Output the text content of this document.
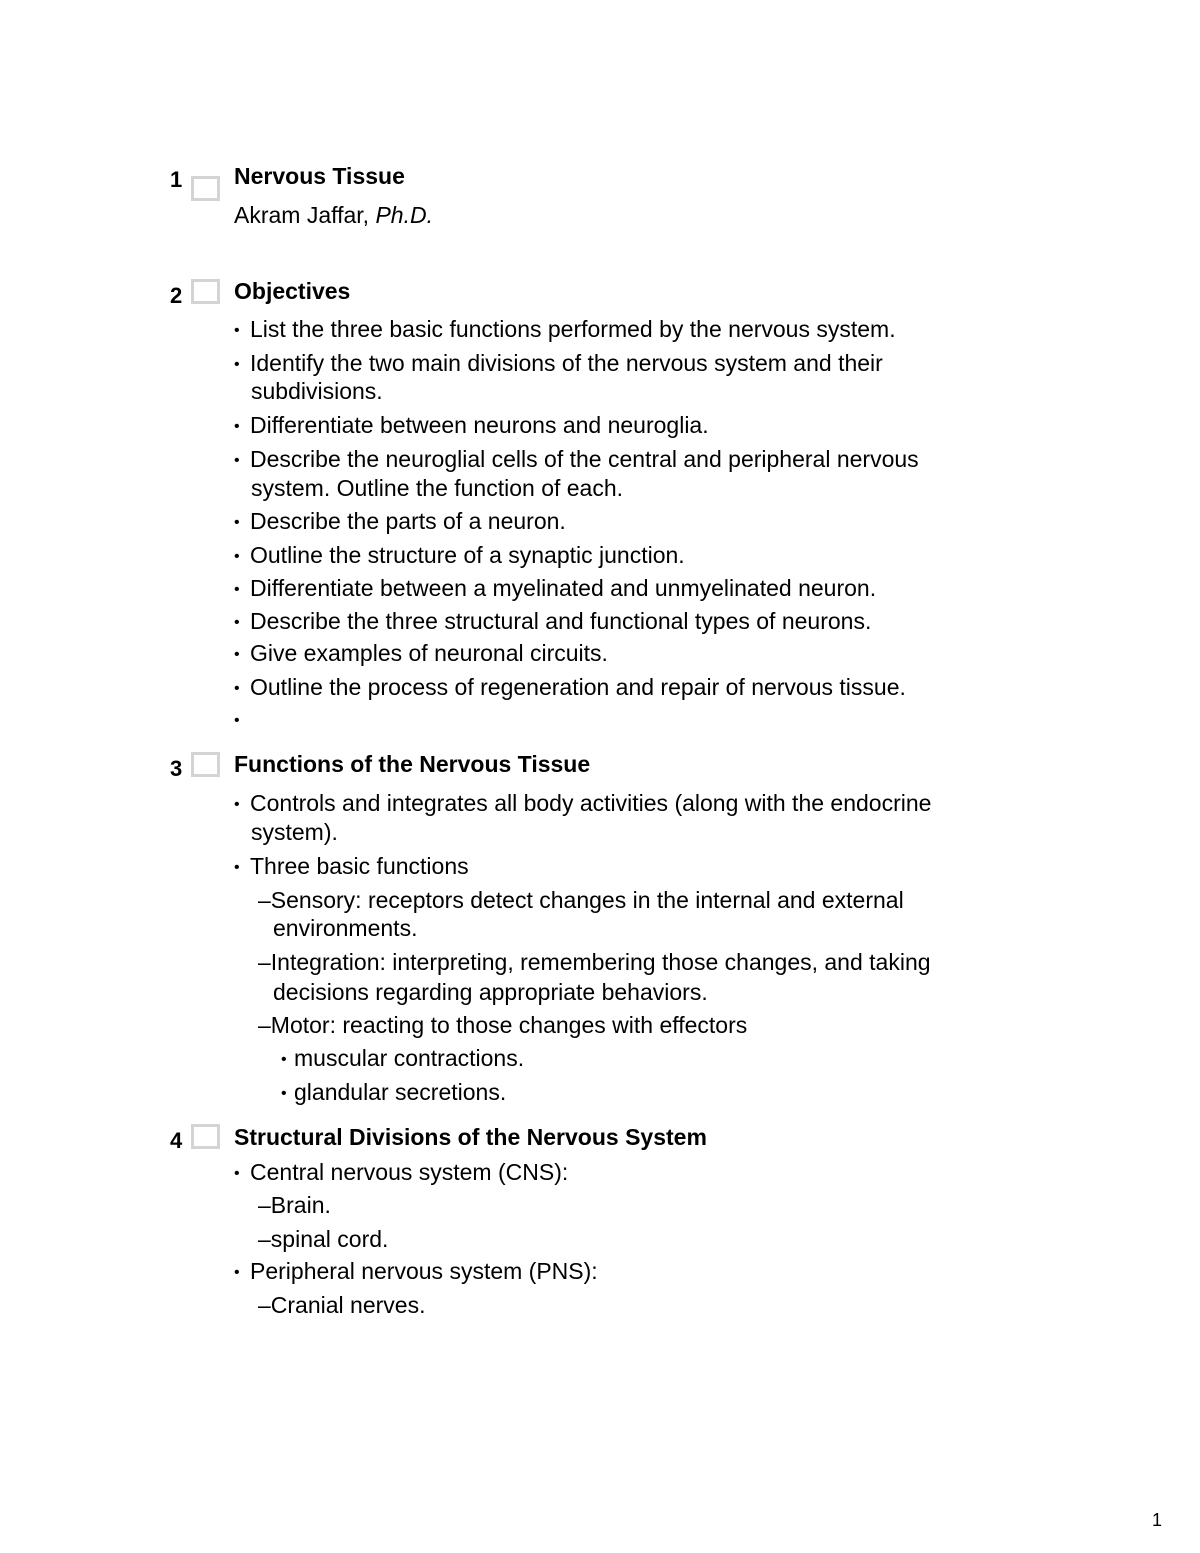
1 Nervous Tissue
Akram Jaffar, Ph.D.
2 Objectives
• List the three basic functions performed by the nervous system.
• Identify the two main divisions of the nervous system and their
subdivisions.
• Differentiate between neurons and neuroglia.
• Describe the neuroglial cells of the central and peripheral nervous
system. Outline the function of each.
• Describe the parts of a neuron.
• Outline the structure of a synaptic junction.
• Differentiate between a myelinated and unmyelinated neuron.
• Describe the three structural and functional types of neurons.
• Give examples of neuronal circuits.
• Outline the process of regeneration and repair of nervous tissue.
•
3 Functions of the Nervous Tissue
• Controls and integrates all body activities (along with the endocrine
system).
• Three basic functions
–Sensory: receptors detect changes in the internal and external
environments.
–Integration: interpreting, remembering those changes, and taking
decisions regarding appropriate behaviors.
–Motor: reacting to those changes with effectors
• muscular contractions.
• glandular secretions.
4 Structural Divisions of the Nervous System
• Central nervous system (CNS):
–Brain.
–spinal cord.
• Peripheral nervous system (PNS):
–Cranial nerves.
1
